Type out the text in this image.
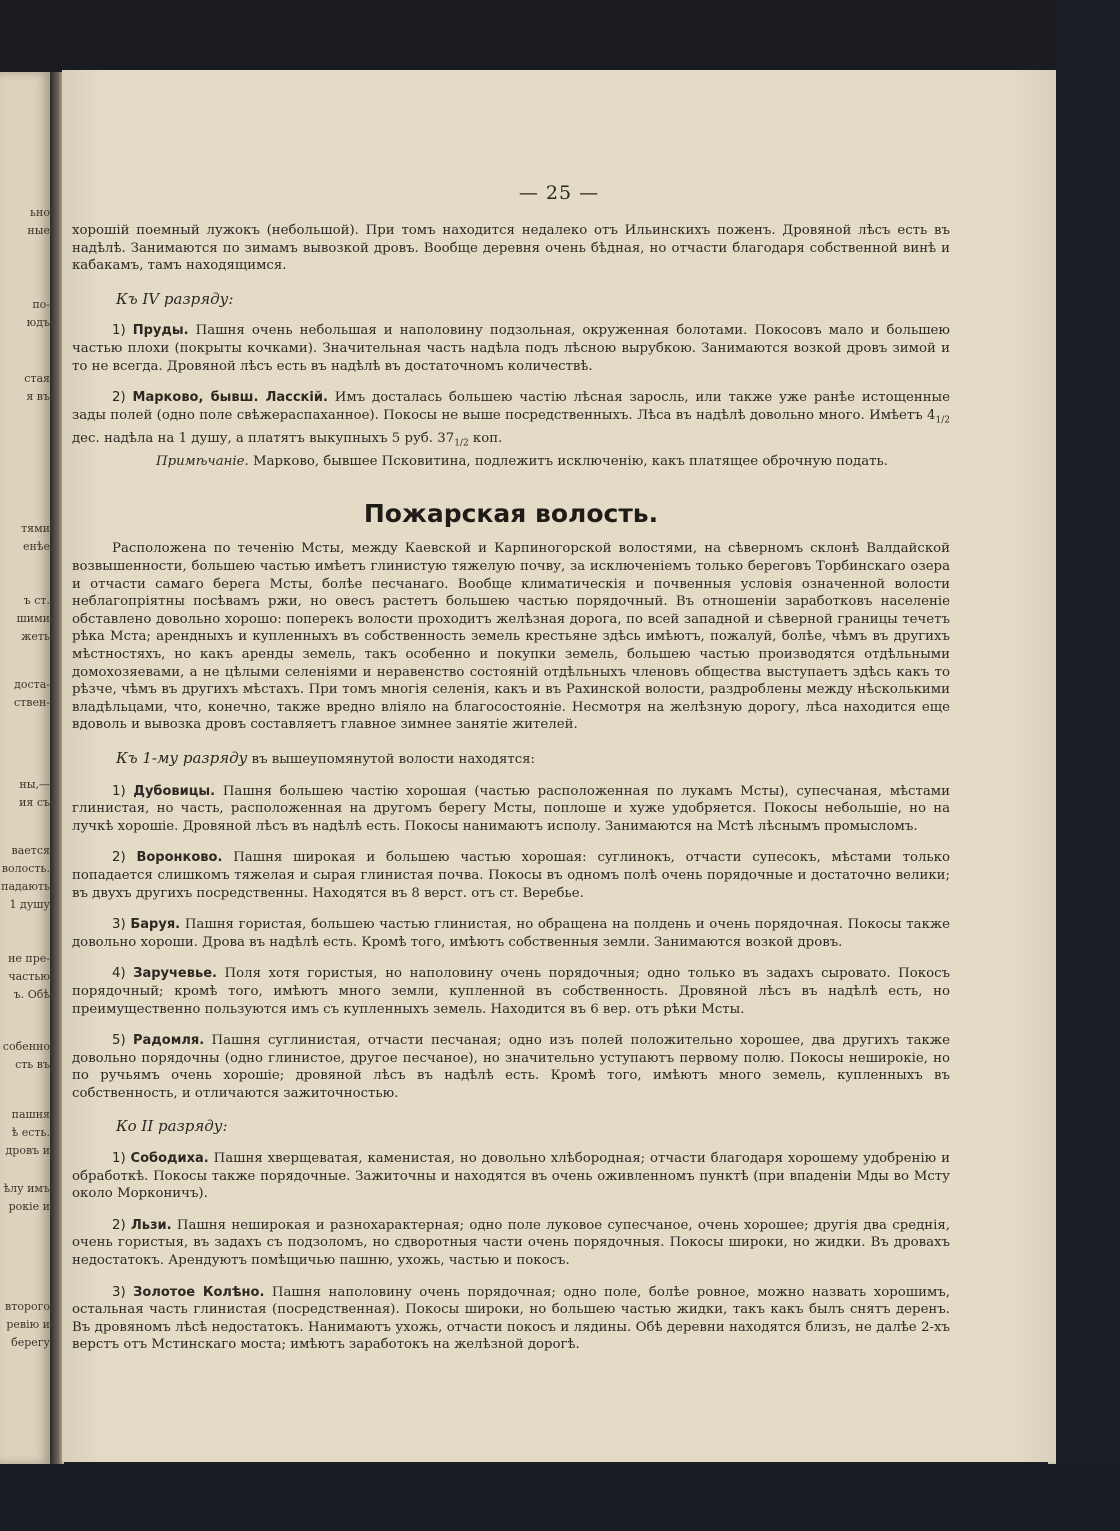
ьно
ные
по-
юдъ
стая
я въ
тями
енѣе
ъ ст.
шими
жеть
доста-
ствен-
ны,—
ия съ
вается
волость.
падають
1 душу
не пре-
частью
ъ. Обѣ
собенно
сть въ
пашня
ѣ есть.
дровъ и
ѣлу имъ
рокіе и
второго
ревію и
берегу
— 25 —

хорошій поемный лужокъ (небольшой). При томъ находится недалеко отъ Ильинскихъ поженъ. Дровяной лѣсъ есть въ надѣлѣ. Занимаются по зимамъ вывозкой дровъ. Вообще деревня очень бѣдная, но отчасти благодаря собственной винѣ и кабакамъ, тамъ находящимся.

Къ IV разряду:

1) Пруды. Пашня очень небольшая и наполовину подзольная, окруженная болотами. Покосовъ мало и большею частью плохи (покрыты кочками). Значительная часть надѣла подъ лѣсною вырубкою. Занимаются возкой дровъ зимой и то не всегда. Дровяной лѣсъ есть въ надѣлѣ въ достаточномъ количествѣ.

2) Марково, бывш. Ласскій. Имъ досталась большею частію лѣсная заросль, или также уже ранѣе истощенные зады полей (одно поле свѣжераспаханное). Покосы не выше посредственныхъ. Лѣса въ надѣлѣ довольно много. Имѣетъ $4_{1/2}$ дес. надѣла на 1 душу, а платятъ выкупныхъ 5 руб. $37_{1/2}$ коп.

Примѣчаніе. Марково, бывшее Псковитина, подлежитъ исключенію, какъ платящее оброчную подать.

Пожарская волость.

Расположена по теченію Мсты, между Каевской и Карпиногорской волостями, на сѣверномъ склонѣ Валдайской возвышенности, большею частью имѣетъ глинистую тяжелую почву, за исключеніемъ только береговъ Торбинскаго озера и отчасти самаго берега Мсты, болѣе песчанаго. Вообще климатическія и почвенныя условія означенной волости неблагопріятны посѣвамъ ржи, но овесъ растетъ большею частью порядочный. Въ отношеніи заработковъ населеніе обставлено довольно хорошо: поперекъ волости проходитъ желѣзная дорога, по всей западной и сѣверной границы течетъ рѣка Мста; арендныхъ и купленныхъ въ собственность земель крестьяне здѣсь имѣютъ, пожалуй, болѣе, чѣмъ въ другихъ мѣстностяхъ, но какъ аренды земель, такъ особенно и покупки земель, большею частью производятся отдѣльными домохозяевами, а не цѣлыми селеніями и неравенство состояній отдѣльныхъ членовъ общества выступаетъ здѣсь какъ то рѣзче, чѣмъ въ другихъ мѣстахъ. При томъ многія селенія, какъ и въ Рахинской волости, раздроблены между нѣсколькими владѣльцами, что, конечно, также вредно вліяло на благосостояніе. Несмотря на желѣзную дорогу, лѣса находится еще вдоволь и вывозка дровъ составляетъ главное зимнее занятіе жителей.

Къ 1-му разряду въ вышеупомянутой волости находятся:

1) Дубовицы. Пашня большею частію хорошая (частью расположенная по лукамъ Мсты), супесчаная, мѣстами глинистая, но часть, расположенная на другомъ берегу Мсты, поплоше и хуже удобряется. Покосы небольшіе, но на лучкѣ хорошіе. Дровяной лѣсъ въ надѣлѣ есть. Покосы нанимаютъ исполу. Занимаются на Мстѣ лѣснымъ промысломъ.

2) Воронково. Пашня широкая и большею частью хорошая: суглинокъ, отчасти супесокъ, мѣстами только попадается слишкомъ тяжелая и сырая глинистая почва. Покосы въ одномъ полѣ очень порядочные и достаточно велики; въ двухъ другихъ посредственны. Находятся въ 8 верст. отъ ст. Веребье.

3) Баруя. Пашня гористая, большею частью глинистая, но обращена на полдень и очень порядочная. Покосы также довольно хороши. Дрова въ надѣлѣ есть. Кромѣ того, имѣютъ собственныя земли. Занимаются возкой дровъ.

4) Заручевье. Поля хотя гористыя, но наполовину очень порядочныя; одно только въ задахъ сыровато. Покосъ порядочный; кромѣ того, имѣютъ много земли, купленной въ собственность. Дровяной лѣсъ въ надѣлѣ есть, но преимущественно пользуются имъ съ купленныхъ земель. Находится въ 6 вер. отъ рѣки Мсты.

5) Радомля. Пашня суглинистая, отчасти песчаная; одно изъ полей положительно хорошее, два другихъ также довольно порядочны (одно глинистое, другое песчаное), но значительно уступаютъ первому полю. Покосы неширокіе, но по ручьямъ очень хорошіе; дровяной лѣсъ въ надѣлѣ есть. Кромѣ того, имѣютъ много земель, купленныхъ въ собственность, и отличаются зажиточностью.

Ко II разряду:

1) Сободиха. Пашня хверщеватая, каменистая, но довольно хлѣбородная; отчасти благодаря хорошему удобренію и обработкѣ. Покосы также порядочные. Зажиточны и находятся въ очень оживленномъ пунктѣ (при впаденіи Мды во Мсту около Морконичъ).

2) Льзи. Пашня неширокая и разнохарактерная; одно поле луковое супесчаное, очень хорошее; другія два среднія, очень гористыя, въ задахъ съ подзоломъ, но сдворотныя части очень порядочныя. Покосы широки, но жидки. Въ дровахъ недостатокъ. Арендуютъ помѣщичью пашню, ухожь, частью и покосъ.

3) Золотое Колѣно. Пашня наполовину очень порядочная; одно поле, болѣе ровное, можно назвать хорошимъ, остальная часть глинистая (посредственная). Покосы широки, но большею частью жидки, такъ какъ былъ снятъ деренъ. Въ дровяномъ лѣсѣ недостатокъ. Нанимаютъ ухожь, отчасти покосъ и лядины. Обѣ деревни находятся близъ, не далѣе 2-хъ верстъ отъ Мстинскаго моста; имѣютъ заработокъ на желѣзной дорогѣ.
